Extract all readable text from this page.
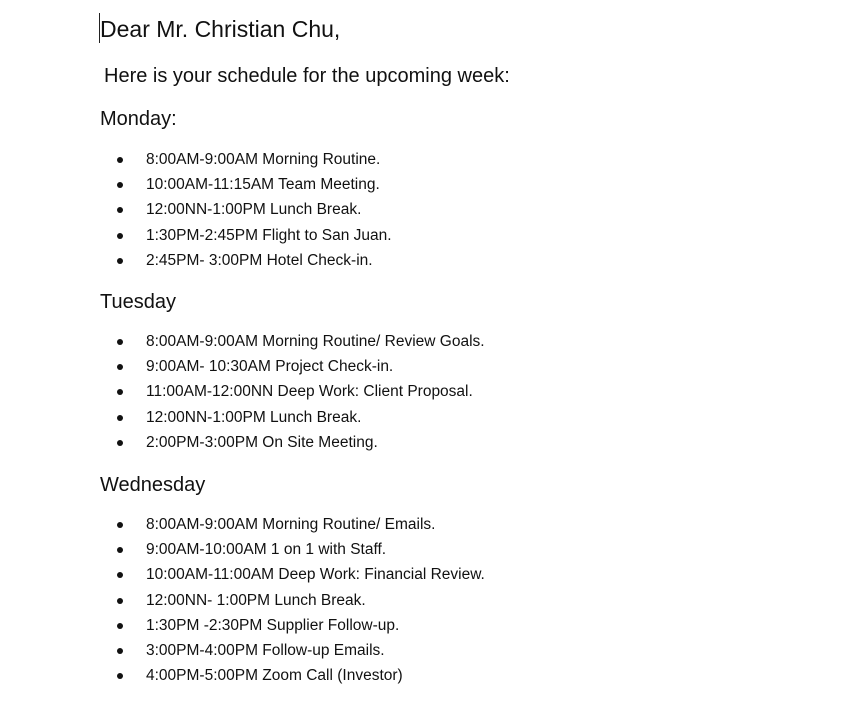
Dear Mr. Christian Chu,

Here is your schedule for the upcoming week:

Monday:

8:00AM-9:00AM Morning Routine.
10:00AM-11:15AM Team Meeting.
12:00NN-1:00PM Lunch Break.
1:30PM-2:45PM Flight to San Juan.
2:45PM- 3:00PM Hotel Check-in.

Tuesday

8:00AM-9:00AM Morning Routine/ Review Goals.
9:00AM- 10:30AM Project Check-in.
11:00AM-12:00NN Deep Work: Client Proposal.
12:00NN-1:00PM Lunch Break.
2:00PM-3:00PM On Site Meeting.

Wednesday

8:00AM-9:00AM Morning Routine/ Emails.
9:00AM-10:00AM 1 on 1 with Staff.
10:00AM-11:00AM Deep Work: Financial Review.
12:00NN- 1:00PM Lunch Break.
1:30PM -2:30PM Supplier Follow-up.
3:00PM-4:00PM Follow-up Emails.
4:00PM-5:00PM Zoom Call (Investor)
